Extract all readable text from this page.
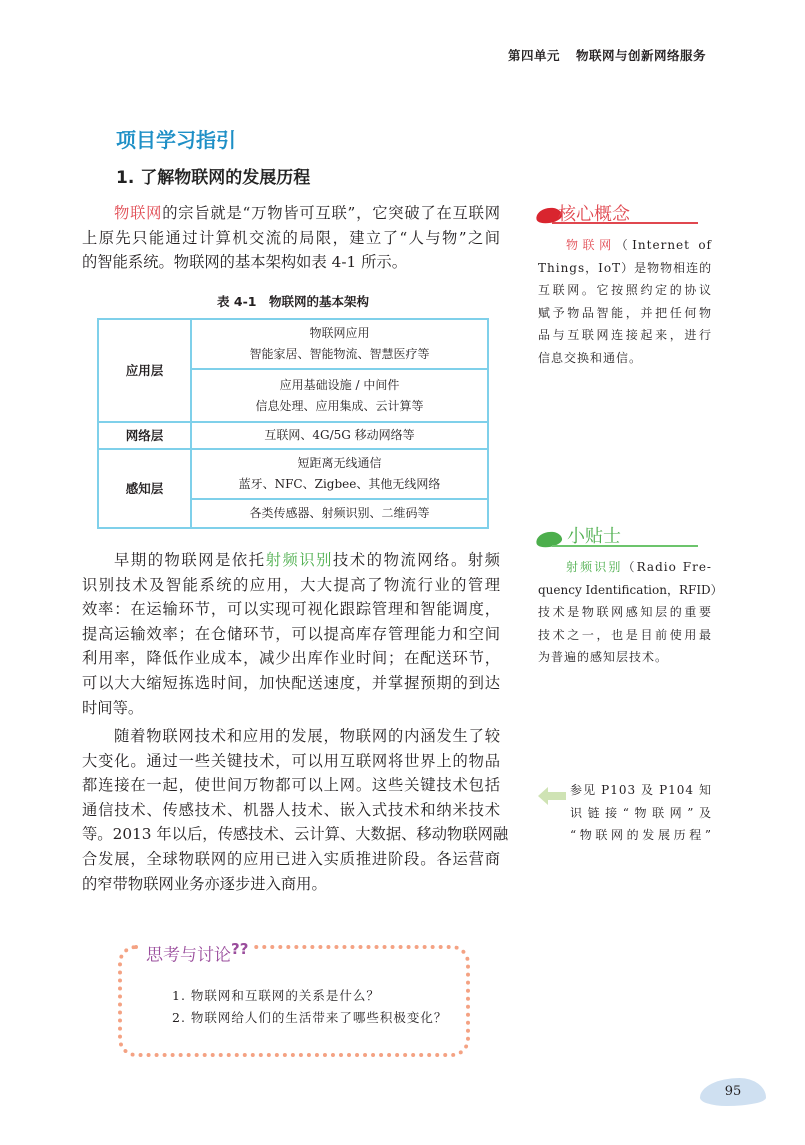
第四单元 物联网与创新网络服务
项目学习指引
1. 了解物联网的发展历程
物联网的宗旨就是“万物皆可互联”，它突破了在互联网
上原先只能通过计算机交流的局限，建立了“人与物”之间
的智能系统。物联网的基本架构如表 4-1 所示。
表 4-1　物联网的基本架构
应用层	物联网应用
智能家居、智能物流、智慧医疗等

	应用基础设施 / 中间件
信息处理、应用集成、云计算等

网络层	互联网、4G/5G 移动网络等
感知层	短距离无线通信
蓝牙、NFC、Zigbee、其他无线网络

	各类传感器、射频识别、二维码等
早期的物联网是依托射频识别技术的物流网络。射频
识别技术及智能系统的应用，大大提高了物流行业的管理
效率：在运输环节，可以实现可视化跟踪管理和智能调度，
提高运输效率；在仓储环节，可以提高库存管理能力和空间
利用率，降低作业成本，减少出库作业时间；在配送环节，
可以大大缩短拣选时间，加快配送速度，并掌握预期的到达
时间等。
随着物联网技术和应用的发展，物联网的内涵发生了较
大变化。通过一些关键技术，可以用互联网将世界上的物品
都连接在一起，使世间万物都可以上网。这些关键技术包括
通信技术、传感技术、机器人技术、嵌入式技术和纳米技术
等。2013 年以后，传感技术、云计算、大数据、移动物联网融
合发展，全球物联网的应用已进入实质推进阶段。各运营商
的窄带物联网业务亦逐步进入商用。
核心概念
物联网（Internet of
Things，IoT）是物物相连的
互联网。它按照约定的协议
赋予物品智能，并把任何物
品与互联网连接起来，进行
信息交换和通信。
小贴士
射频识别（Radio Fre-
quency Identification，RFID）
技术是物联网感知层的重要
技术之一，也是目前使用最
为普遍的感知层技术。
参见 P103 及 P104 知
识链接“物联网”及
“物联网的发展历程”
思考与讨论??
1. 物联网和互联网的关系是什么？
2. 物联网给人们的生活带来了哪些积极变化？
95
